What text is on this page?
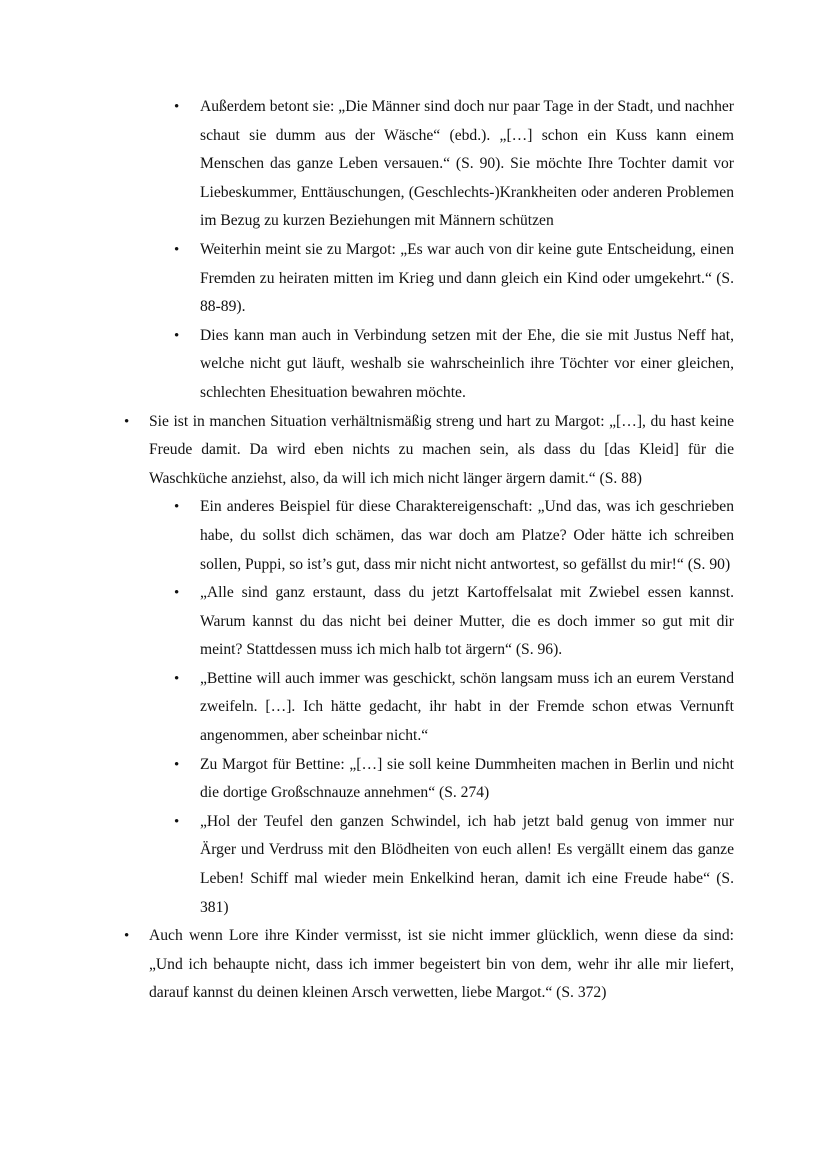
• Außerdem betont sie: „Die Männer sind doch nur paar Tage in der Stadt, und nachher schaut sie dumm aus der Wäsche“ (ebd.). „[…] schon ein Kuss kann einem Menschen das ganze Leben versauen.“ (S. 90). Sie möchte Ihre Tochter damit vor Liebeskummer, Enttäuschungen, (Geschlechts-)Krankheiten oder anderen Problemen im Bezug zu kurzen Beziehungen mit Männern schützen
• Weiterhin meint sie zu Margot: „Es war auch von dir keine gute Entscheidung, einen Fremden zu heiraten mitten im Krieg und dann gleich ein Kind oder umgekehrt.“ (S. 88-89).
• Dies kann man auch in Verbindung setzen mit der Ehe, die sie mit Justus Neff hat, welche nicht gut läuft, weshalb sie wahrscheinlich ihre Töchter vor einer gleichen, schlechten Ehesituation bewahren möchte.
• Sie ist in manchen Situation verhältnismäßig streng und hart zu Margot: „[…], du hast keine Freude damit. Da wird eben nichts zu machen sein, als dass du [das Kleid] für die Waschküche anziehst, also, da will ich mich nicht länger ärgern damit.“ (S. 88)
• Ein anderes Beispiel für diese Charaktereigenschaft: „Und das, was ich geschrieben habe, du sollst dich schämen, das war doch am Platze? Oder hätte ich schreiben sollen, Puppi, so ist’s gut, dass mir nicht nicht antwortest, so gefällst du mir!“ (S. 90)
• „Alle sind ganz erstaunt, dass du jetzt Kartoffelsalat mit Zwiebel essen kannst. Warum kannst du das nicht bei deiner Mutter, die es doch immer so gut mit dir meint? Stattdessen muss ich mich halb tot ärgern“ (S. 96).
• „Bettine will auch immer was geschickt, schön langsam muss ich an eurem Verstand zweifeln. […]. Ich hätte gedacht, ihr habt in der Fremde schon etwas Vernunft angenommen, aber scheinbar nicht.“
• Zu Margot für Bettine: „[…] sie soll keine Dummheiten machen in Berlin und nicht die dortige Großschnauze annehmen“ (S. 274)
• „Hol der Teufel den ganzen Schwindel, ich hab jetzt bald genug von immer nur Ärger und Verdruss mit den Blödheiten von euch allen! Es vergällt einem das ganze Leben! Schiff mal wieder mein Enkelkind heran, damit ich eine Freude habe“ (S. 381)
• Auch wenn Lore ihre Kinder vermisst, ist sie nicht immer glücklich, wenn diese da sind: „Und ich behaupte nicht, dass ich immer begeistert bin von dem, wehr ihr alle mir liefert, darauf kannst du deinen kleinen Arsch verwetten, liebe Margot.“ (S. 372)
